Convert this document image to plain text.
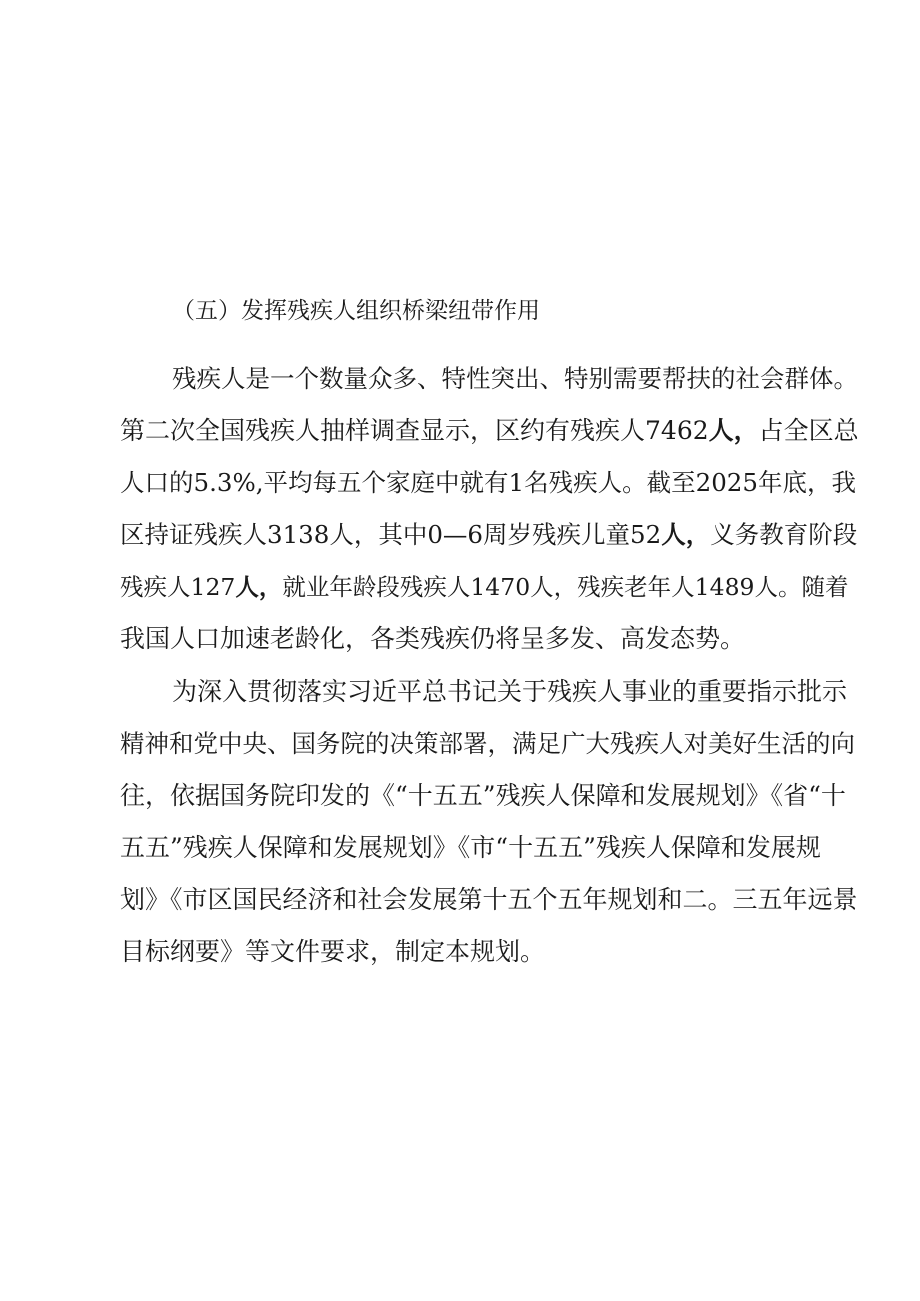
（五）发挥残疾人组织桥梁纽带作用
残疾人是一个数量众多、特性突出、特别需要帮扶的社会群体。
第二次全国残疾人抽样调查显示，区约有残疾人7462人，占全区总
人口的5.3%,平均每五个家庭中就有1名残疾人。截至2025年底，我
区持证残疾人3138人，其中0—6周岁残疾儿童52人，义务教育阶段
残疾人127人，就业年龄段残疾人1470人，残疾老年人1489人。随着
我国人口加速老龄化，各类残疾仍将呈多发、高发态势。
为深入贯彻落实习近平总书记关于残疾人事业的重要指示批示
精神和党中央、国务院的决策部署，满足广大残疾人对美好生活的向
往，依据国务院印发的《“十五五”残疾人保障和发展规划》《省“十
五五”残疾人保障和发展规划》《市“十五五”残疾人保障和发展规
划》《市区国民经济和社会发展第十五个五年规划和二。三五年远景
目标纲要》等文件要求，制定本规划。
